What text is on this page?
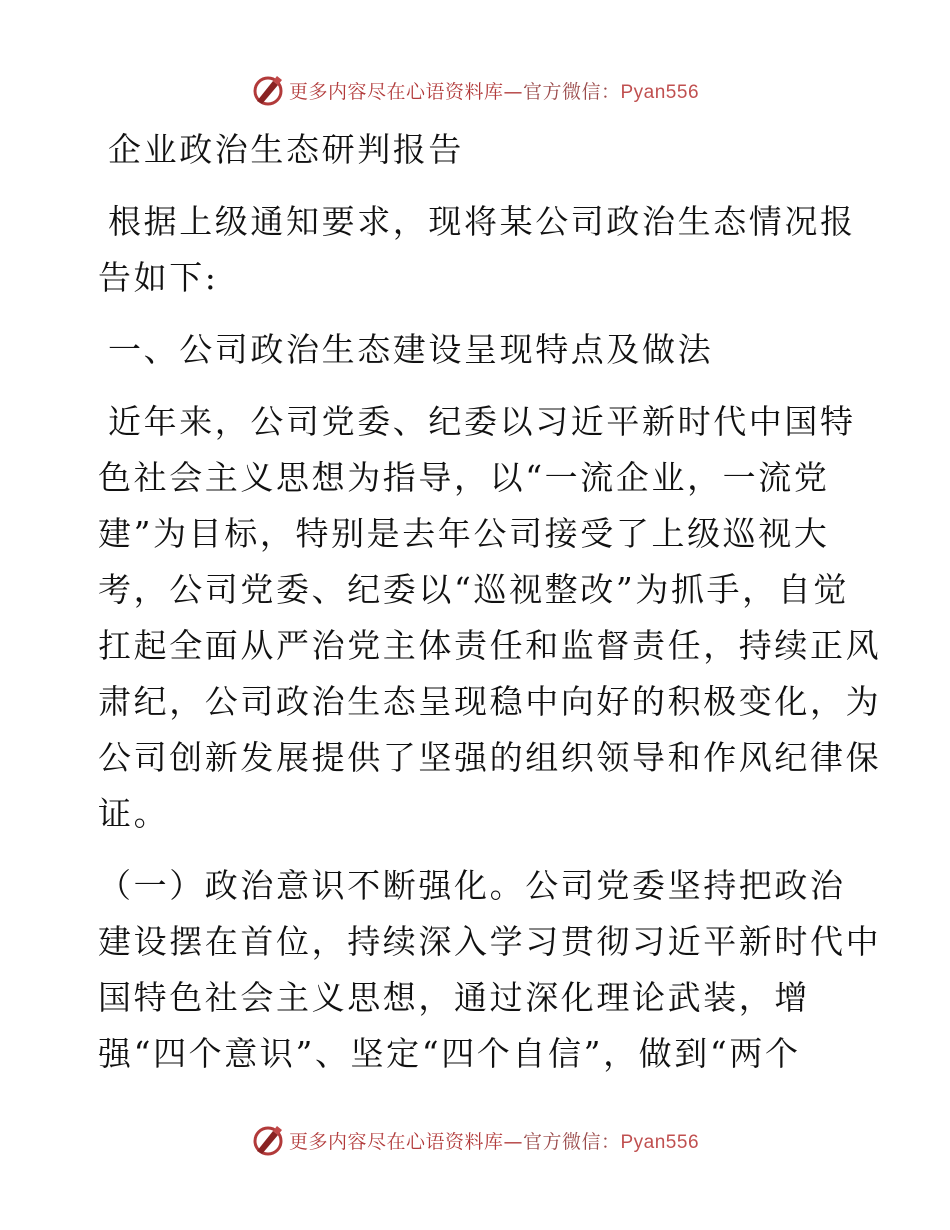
更多内容尽在心语资料库—官方微信：Pyan556
企业政治生态研判报告
根据上级通知要求，现将某公司政治生态情况报
告如下:
一、公司政治生态建设呈现特点及做法
近年来，公司党委、纪委以习近平新时代中国特
色社会主义思想为指导，以“一流企业，一流党
建”为目标，特别是去年公司接受了上级巡视大
考，公司党委、纪委以“巡视整改”为抓手，自觉
扛起全面从严治党主体责任和监督责任，持续正风
肃纪，公司政治生态呈现稳中向好的积极变化，为
公司创新发展提供了坚强的组织领导和作风纪律保
证。
（一）政治意识不断强化。公司党委坚持把政治
建设摆在首位，持续深入学习贯彻习近平新时代中
国特色社会主义思想，通过深化理论武装，增
强“四个意识”、坚定“四个自信”，做到“两个
更多内容尽在心语资料库—官方微信：Pyan556
